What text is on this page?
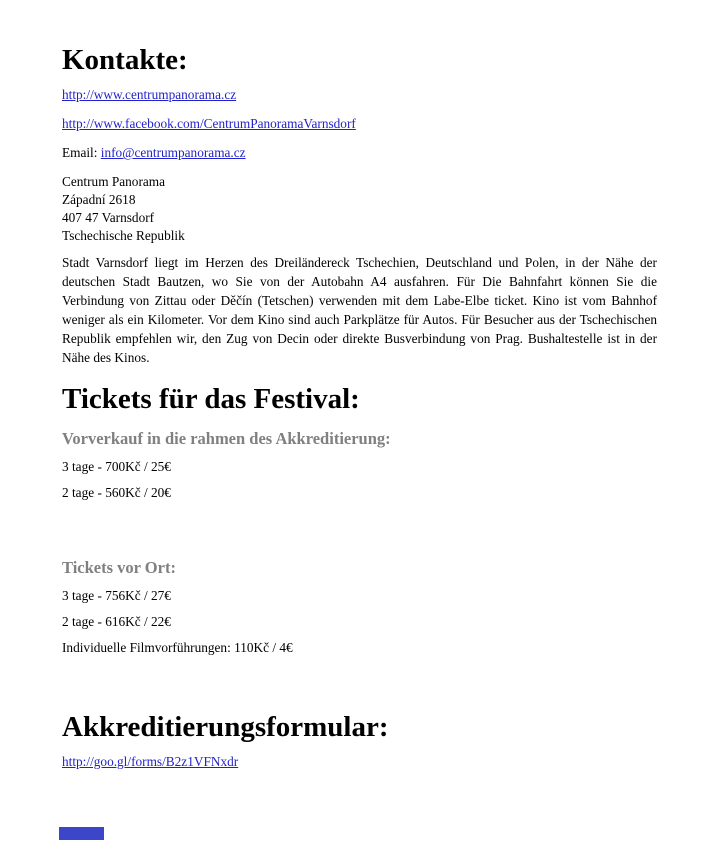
Kontakte:

http://www.centrumpanorama.cz

http://www.facebook.com/CentrumPanoramaVarnsdorf

Email: info@centrumpanorama.cz

Centrum Panorama
Západní 2618
407 47 Varnsdorf
Tschechische Republik

Stadt Varnsdorf liegt im Herzen des Dreiländereck Tschechien, Deutschland und Polen, in der Nähe der deutschen Stadt Bautzen, wo Sie von der Autobahn A4 ausfahren. Für Die Bahnfahrt können Sie die Verbindung von Zittau oder Děčín (Tetschen) verwenden mit dem Labe-Elbe ticket. Kino ist vom Bahnhof weniger als ein Kilometer. Vor dem Kino sind auch Parkplätze für Autos. Für Besucher aus der Tschechischen Republik empfehlen wir, den Zug von Decin oder direkte Busverbindung von Prag. Bushaltestelle ist in der Nähe des Kinos.

Tickets für das Festival:
Vorverkauf in die rahmen des Akkreditierung:

3 tage - 700Kč / 25€

2 tage - 560Kč / 20€

Tickets vor Ort:

3 tage - 756Kč / 27€

2 tage - 616Kč / 22€

Individuelle Filmvorführungen: 110Kč / 4€

Akkreditierungsformular:

http://goo.gl/forms/B2z1VFNxdr
